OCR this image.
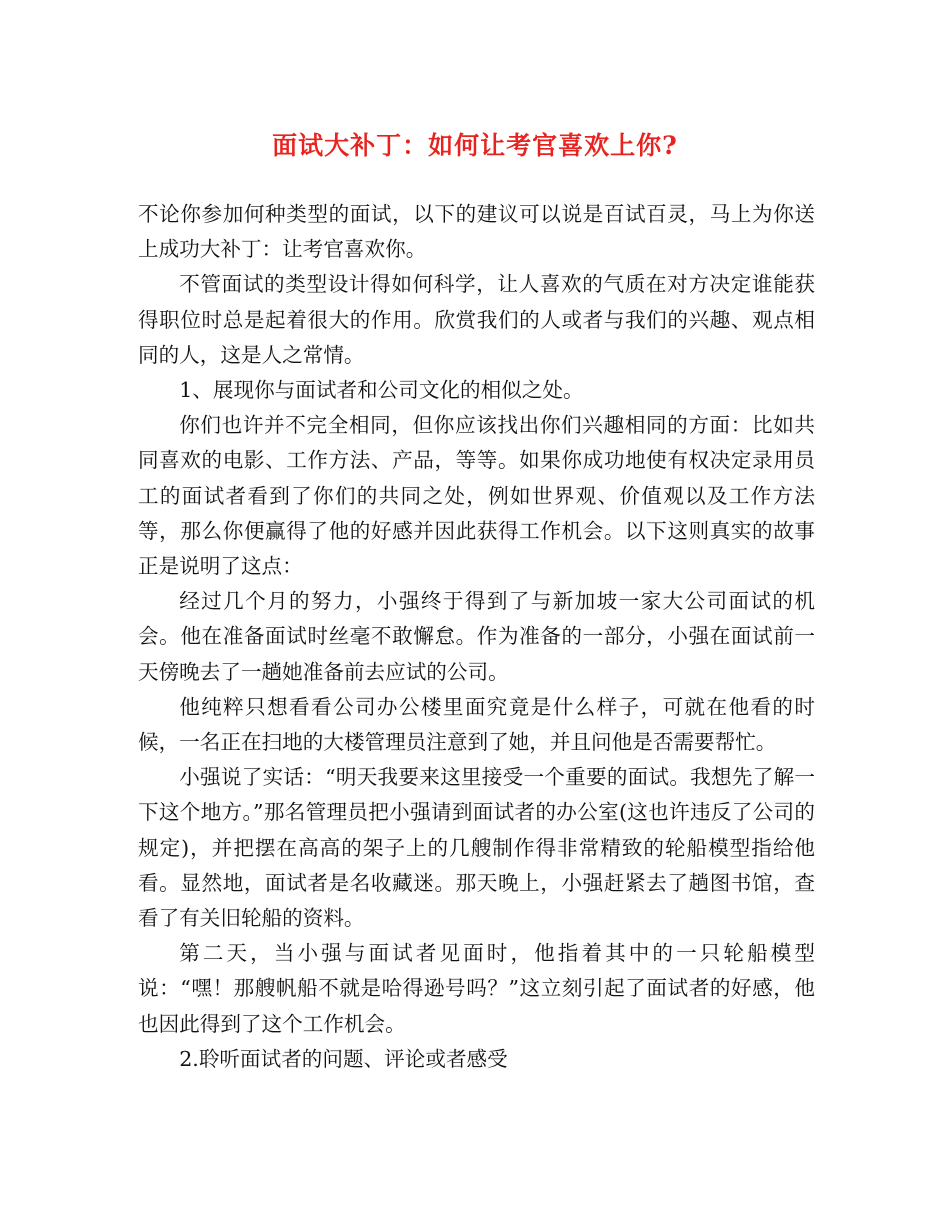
面试大补丁：如何让考官喜欢上你?

不论你参加何种类型的面试，以下的建议可以说是百试百灵，马上为你送上成功大补丁：让考官喜欢你。

不管面试的类型设计得如何科学，让人喜欢的气质在对方决定谁能获得职位时总是起着很大的作用。欣赏我们的人或者与我们的兴趣、观点相同的人，这是人之常情。

1、展现你与面试者和公司文化的相似之处。

你们也许并不完全相同，但你应该找出你们兴趣相同的方面：比如共同喜欢的电影、工作方法、产品，等等。如果你成功地使有权决定录用员工的面试者看到了你们的共同之处，例如世界观、价值观以及工作方法等，那么你便赢得了他的好感并因此获得工作机会。以下这则真实的故事正是说明了这点：

经过几个月的努力，小强终于得到了与新加坡一家大公司面试的机会。他在准备面试时丝毫不敢懈怠。作为准备的一部分，小强在面试前一天傍晚去了一趟她准备前去应试的公司。

他纯粹只想看看公司办公楼里面究竟是什么样子，可就在他看的时候，一名正在扫地的大楼管理员注意到了她，并且问他是否需要帮忙。

小强说了实话：“明天我要来这里接受一个重要的面试。我想先了解一下这个地方。”那名管理员把小强请到面试者的办公室(这也许违反了公司的规定)，并把摆在高高的架子上的几艘制作得非常精致的轮船模型指给他看。显然地，面试者是名收藏迷。那天晚上，小强赶紧去了趟图书馆，查看了有关旧轮船的资料。

第二天，当小强与面试者见面时，他指着其中的一只轮船模型说：“嘿！那艘帆船不就是哈得逊号吗？”这立刻引起了面试者的好感，他也因此得到了这个工作机会。

2.聆听面试者的问题、评论或者感受
